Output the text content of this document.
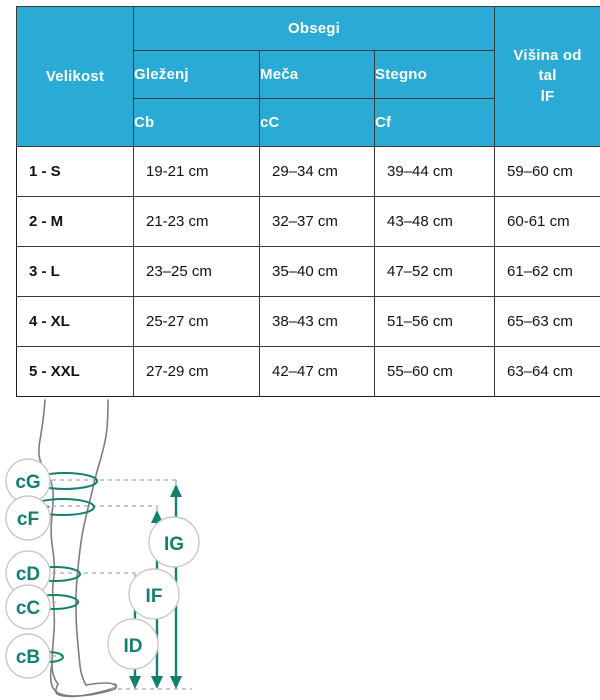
Velikost	Obsegi			Višina od
tal
lF
	Gleženj	Meča	Stegno	
	Cb	cC	Cf	
1 - S	19-21 cm	29–34 cm	39–44 cm	59–60 cm
2 - M	21-23 cm	32–37 cm	43–48 cm	60-61 cm
3 - L	23–25 cm	35–40 cm	47–52 cm	61–62 cm
4 - XL	25-27 cm	38–43 cm	51–56 cm	65–63 cm
5 - XXL	27-29 cm	42–47 cm	55–60 cm	63–64 cm
cG
cF
cD
cC
cB
IG
IF
ID
